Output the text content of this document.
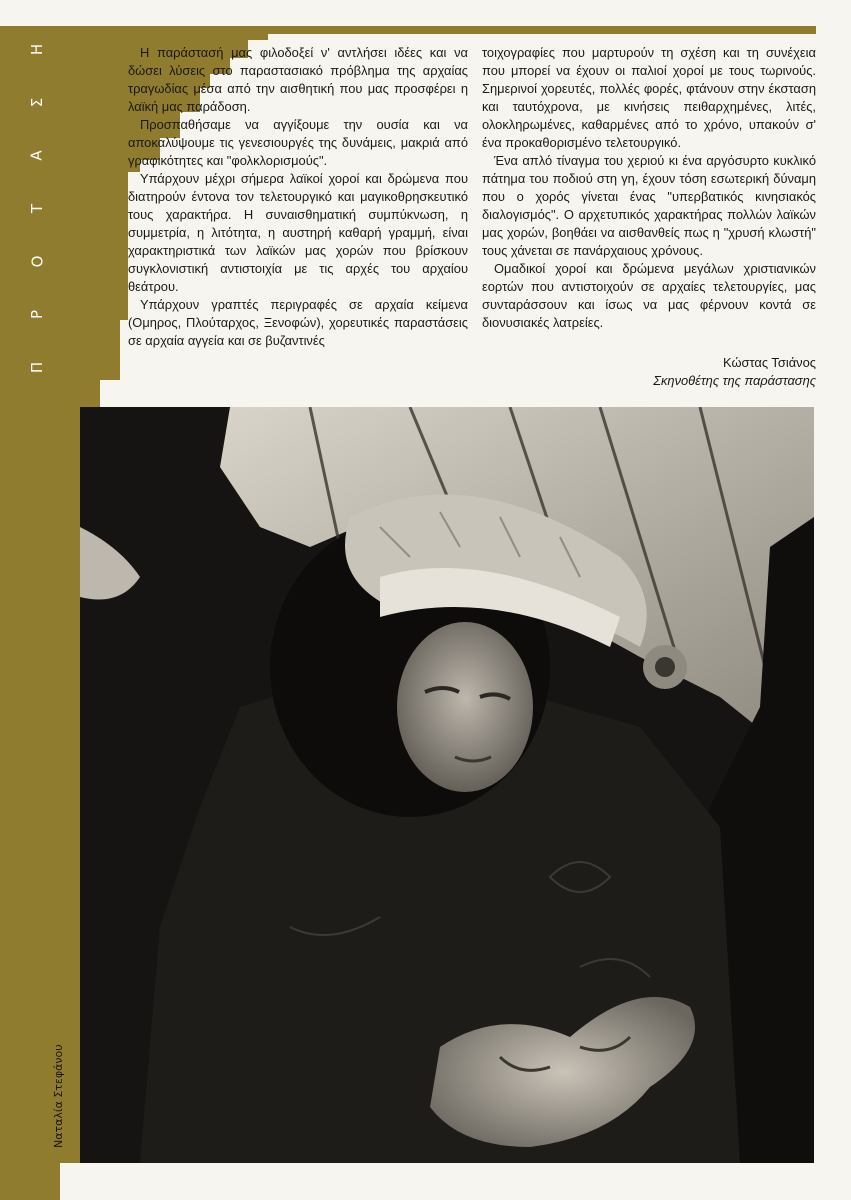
Η
Σ
Α
Τ
Ο
Ρ
Π
Ναταλία Στεφάνου

Η παράστασή μας φιλοδοξεί ν' αντλήσει ιδέες και να δώσει λύσεις στο παραστασιακό πρόβλημα της αρχαίας τραγωδίας μέσα από την αισθητική που μας προσφέρει η λαϊκή μας παράδοση.

Προσπαθήσαμε να αγγίξουμε την ουσία και να αποκαλύψουμε τις γενεσιουργές της δυνάμεις, μακριά από γραφικότητες και "φολκλορισμούς".

Υπάρχουν μέχρι σήμερα λαϊκοί χοροί και δρώμενα που διατηρούν έντονα τον τελετουργικό και μαγικοθρησκευτικό τους χαρακτήρα. Η συναισθηματική συμπύκνωση, η συμμετρία, η λιτότητα, η αυστηρή καθαρή γραμμή, είναι χαρακτηριστικά των λαϊκών μας χορών που βρίσκουν συγκλονιστική αντιστοιχία με τις αρχές του αρχαίου θεάτρου.

Υπάρχουν γραπτές περιγραφές σε αρχαία κείμενα (Ομηρος, Πλούταρχος, Ξενοφών), χορευτικές παραστάσεις σε αρχαία αγγεία και σε βυζαντινές

τοιχογραφίες που μαρτυρούν τη σχέση και τη συνέχεια που μπορεί να έχουν οι παλιοί χοροί με τους τωρινούς. Σημερινοί χορευτές, πολλές φορές, φτάνουν στην έκσταση και ταυτόχρονα, με κινήσεις πειθαρχημένες, λιτές, ολοκληρωμένες, καθαρμένες από το χρόνο, υπακούν σ' ένα προκαθορισμένο τελετουργικό.

Ένα απλό τίναγμα του χεριού κι ένα αργόσυρτο κυκλικό πάτημα του ποδιού στη γη, έχουν τόση εσωτερική δύναμη που ο χορός γίνεται ένας "υπερβατικός κινησιακός διαλογισμός". Ο αρχετυπικός χαρακτήρας πολλών λαϊκών μας χορών, βοηθάει να αισθανθείς πως η "χρυσή κλωστή" τους χάνεται σε πανάρχαιους χρόνους.

Ομαδικοί χοροί και δρώμενα μεγάλων χριστιανικών εορτών που αντιστοιχούν σε αρχαίες τελετουργίες, μας συνταράσσουν και ίσως να μας φέρνουν κοντά σε διονυσιακές λατρείες.

Κώστας Τσιάνος
Σκηνοθέτης της παράστασης
